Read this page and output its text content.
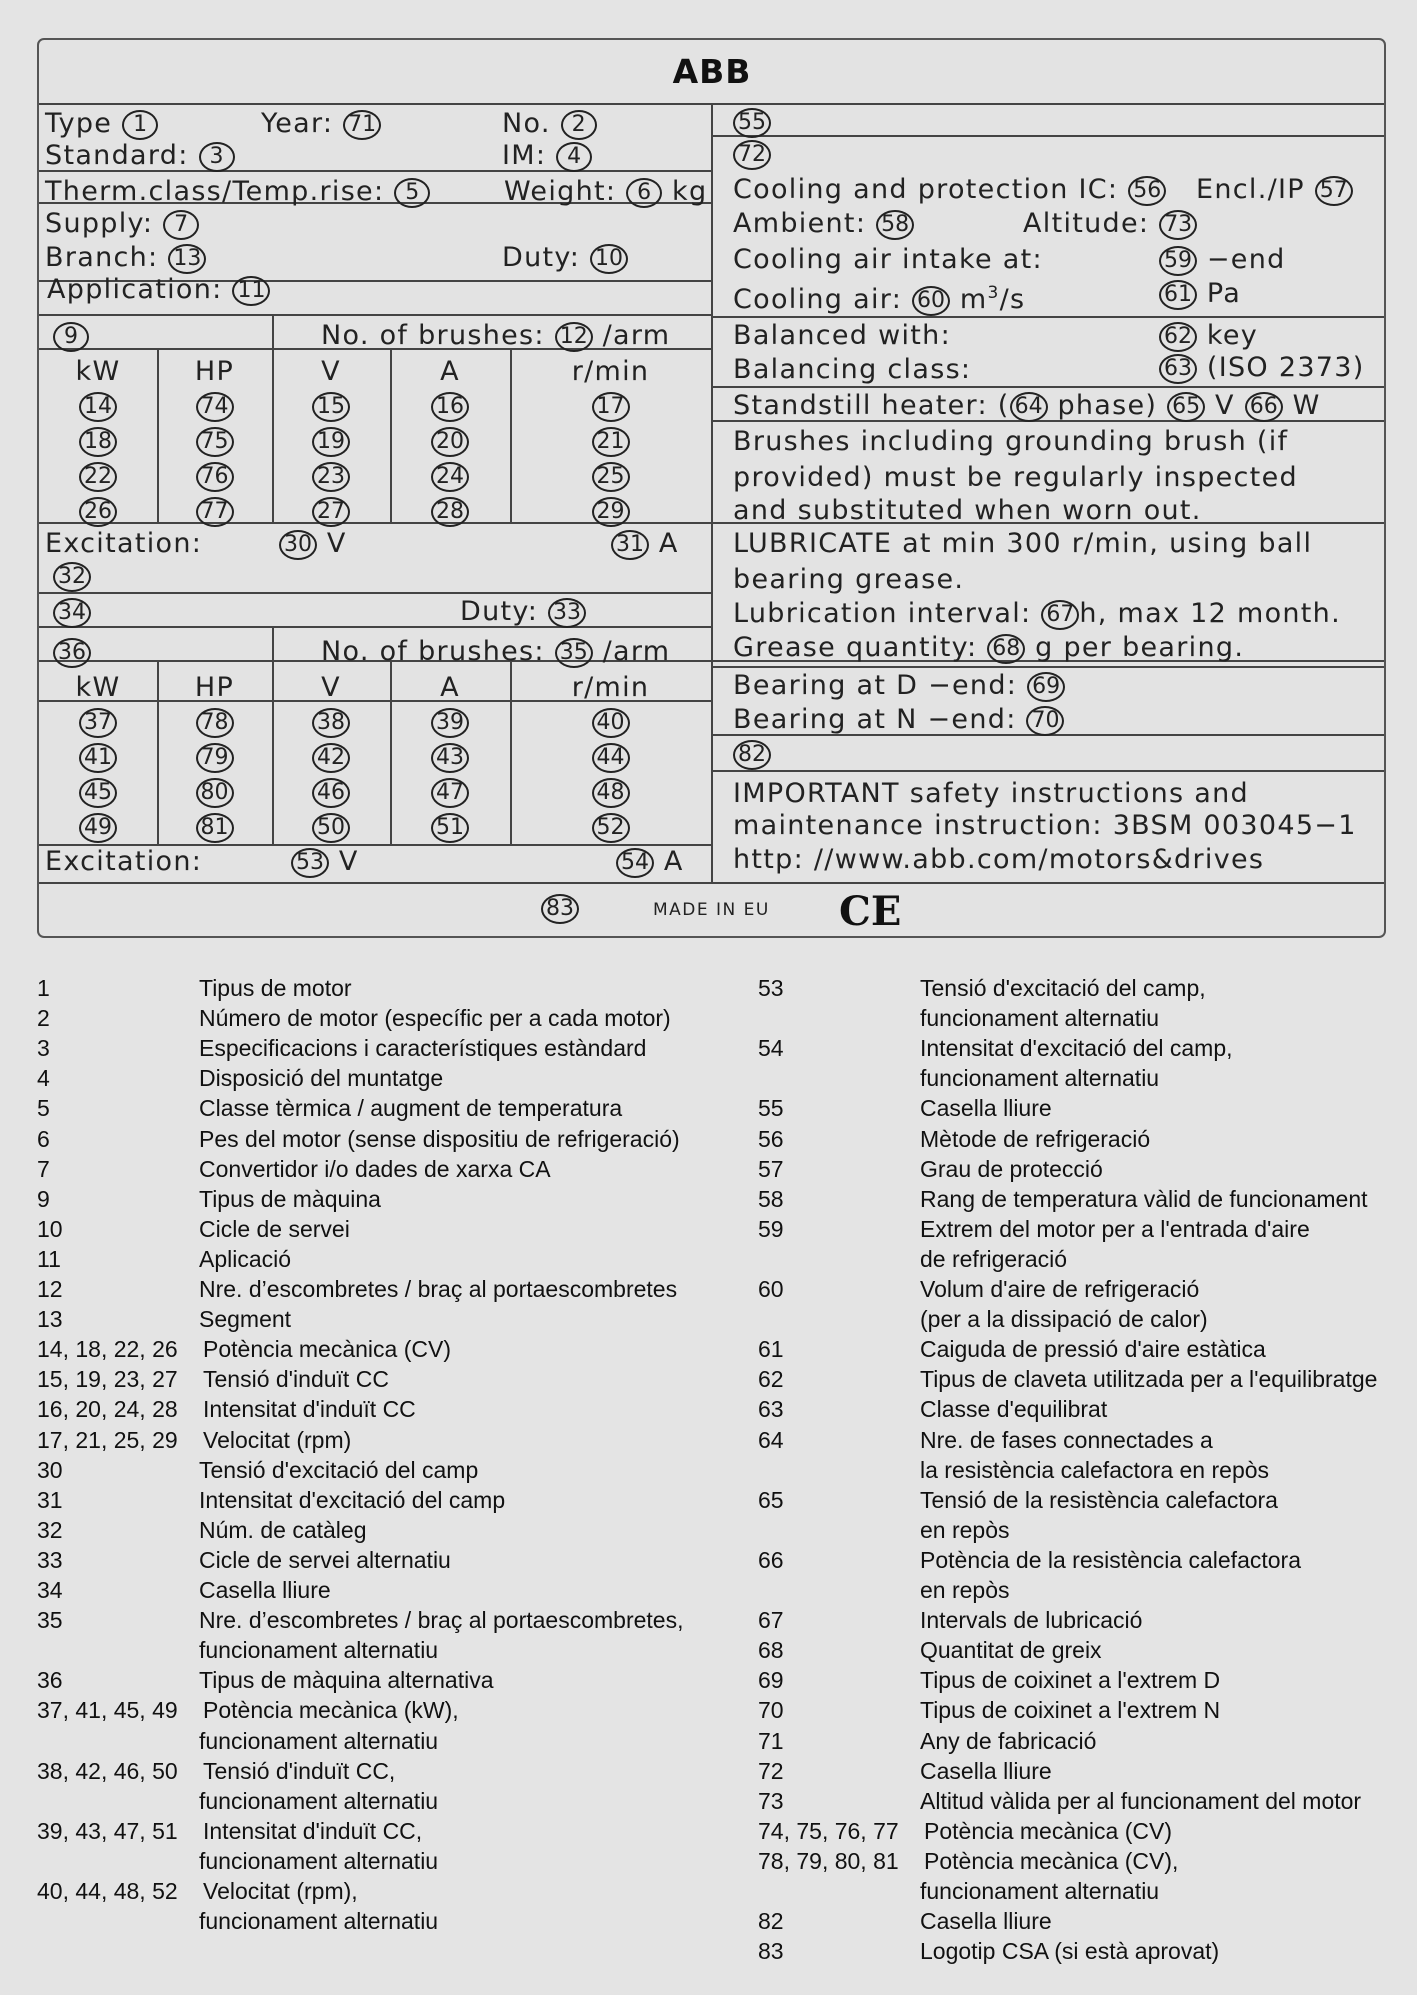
ABB
MADE IN EU CE
Type 1	Year: 71	No. 2
Standard: 3	IM: 4
Therm.class/Temp.rise: 5	Weight: 6 kg
Supply: 7
Branch: 13	Duty: 10
Application: 11
9	No. of brushes: 12 /arm
kW	HP	V	A	r/min
14	74	15	16	17
18	75	19	20	21
22	76	23	24	25
26	77	27	28	29
36	No. of brushes: 35 /arm
kW	HP	V	A	r/min
37	78	38	39	40
41	79	42	43	44
45	80	46	47	48
49	81	50	51	52
Excitation:	30 V	31 A
32
34	Duty: 33
Excitation:	53 V	54 A
83
55
72
Cooling and protection IC: 56 Encl./IP 57
Ambient: 58	Altitude: 73
Cooling air intake at:	59 −end
Cooling air: 60 $m^3/s$	61 Pa
Balanced with:	62 key
Balancing class:	63 (ISO 2373)
Standstill heater: ( 64 phase) 65 V 66 W
Brushes including grounding brush (if
provided) must be regularly inspected
and substituted when worn out.
LUBRICATE at min 300 r/min, using ball
bearing grease.
Lubrication interval: 67 h, max 12 month.
Grease quantity: 68 g per bearing.
Bearing at D −end: 69
Bearing at N −end: 70
82
IMPORTANT safety instructions and
maintenance instruction: 3BSM 003045−1
http: //www.abb.com/motors&drives
1	Tipus de motor
2	Número de motor (específic per a cada motor)
3	Especificacions i característiques estàndard
4	Disposició del muntatge
5	Classe tèrmica / augment de temperatura
6	Pes del motor (sense dispositiu de refrigeració)
7	Convertidor i/o dades de xarxa CA
9	Tipus de màquina
10	Cicle de servei
11	Aplicació
12	Nre. d’escombretes / braç al portaescombretes
13	Segment
14, 18, 22, 26 Potència mecànica (CV)
15, 19, 23, 27 Tensió d'induït CC
16, 20, 24, 28 Intensitat d'induït CC
17, 21, 25, 29 Velocitat (rpm)
30	Tensió d'excitació del camp
31	Intensitat d'excitació del camp
32	Núm. de catàleg
33	Cicle de servei alternatiu
34	Casella lliure
35	Nre. d’escombretes / braç al portaescombretes,
funcionament alternatiu
36	Tipus de màquina alternativa
37, 41, 45, 49 Potència mecànica (kW),
funcionament alternatiu
38, 42, 46, 50 Tensió d'induït CC,
funcionament alternatiu
39, 43, 47, 51 Intensitat d'induït CC,
funcionament alternatiu
40, 44, 48, 52 Velocitat (rpm),
funcionament alternatiu
53	Tensió d'excitació del camp,
funcionament alternatiu
54	Intensitat d'excitació del camp,
funcionament alternatiu
55	Casella lliure
56	Mètode de refrigeració
57	Grau de protecció
58	Rang de temperatura vàlid de funcionament
59	Extrem del motor per a l'entrada d'aire
de refrigeració
60	Volum d'aire de refrigeració
(per a la dissipació de calor)
61	Caiguda de pressió d'aire estàtica
62	Tipus de claveta utilitzada per a l'equilibratge
63	Classe d'equilibrat
64	Nre. de fases connectades a
la resistència calefactora en repòs
65	Tensió de la resistència calefactora
en repòs
66	Potència de la resistència calefactora
en repòs
67	Intervals de lubricació
68	Quantitat de greix
69	Tipus de coixinet a l'extrem D
70	Tipus de coixinet a l'extrem N
71	Any de fabricació
72	Casella lliure
73	Altitud vàlida per al funcionament del motor
74, 75, 76, 77 Potència mecànica (CV)
78, 79, 80, 81 Potència mecànica (CV),
funcionament alternatiu
82	Casella lliure
83	Logotip CSA (si està aprovat)
